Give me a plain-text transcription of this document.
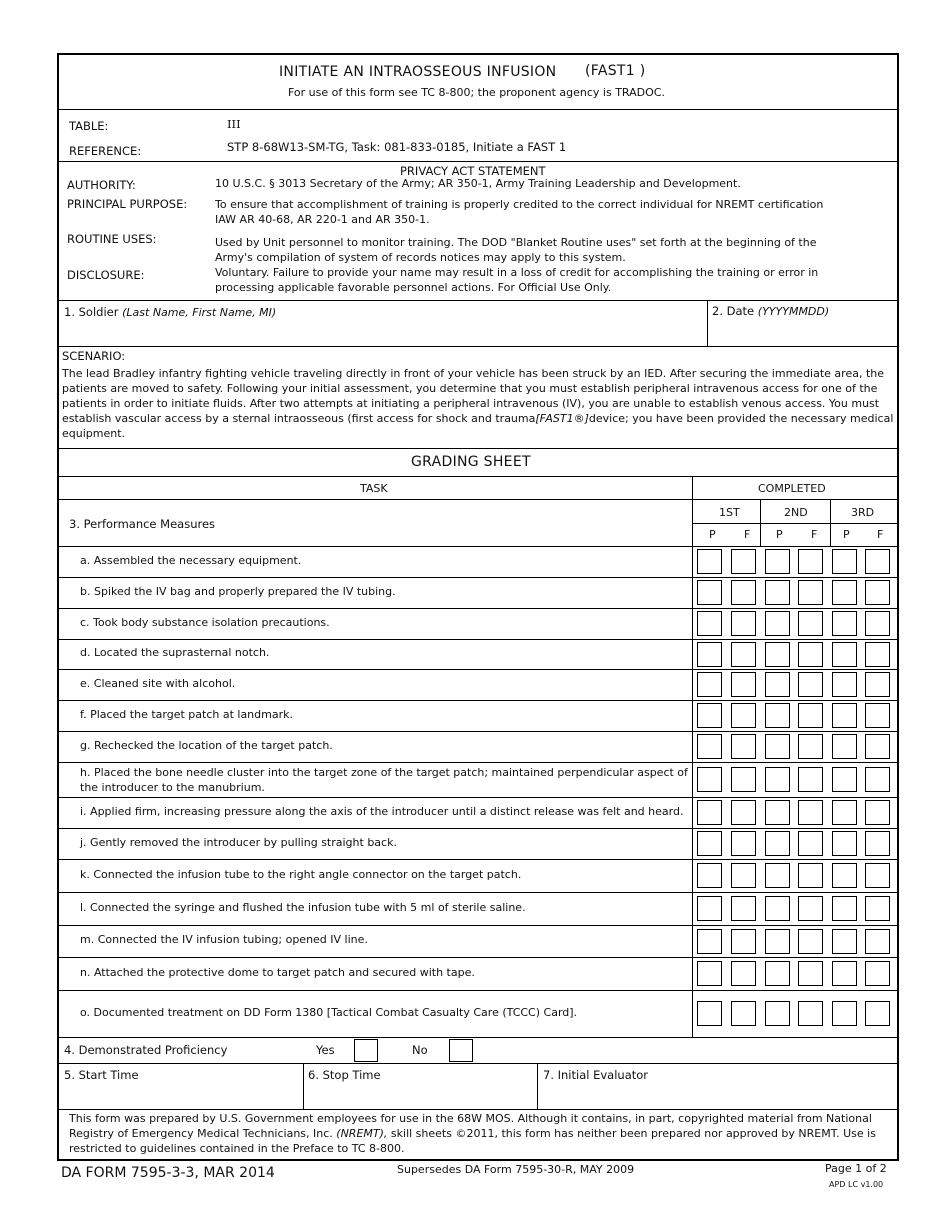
INITIATE AN INTRAOSSEOUS INFUSION (FAST1 )
For use of this form see TC 8-800; the proponent agency is TRADOC.
TABLE:	III
REFERENCE:	STP 8-68W13-SM-TG, Task: 081-833-0185, Initiate a FAST 1
PRIVACY ACT STATEMENT
AUTHORITY:	10 U.S.C. § 3013 Secretary of the Army; AR 350-1, Army Training Leadership and Development.
PRINCIPAL PURPOSE:	To ensure that accomplishment of training is properly credited to the correct individual for NREMT certification
IAW AR 40-68, AR 220-1 and AR 350-1.
ROUTINE USES:	Used by Unit personnel to monitor training. The DOD "Blanket Routine uses" set forth at the beginning of the
Army's compilation of system of records notices may apply to this system.
DISCLOSURE:	Voluntary. Failure to provide your name may result in a loss of credit for accomplishing the training or error in
processing applicable favorable personnel actions. For Official Use Only.
1. Soldier (Last Name, First Name, MI)	2. Date (YYYYMMDD)
SCENARIO:
The lead Bradley infantry fighting vehicle traveling directly in front of your vehicle has been struck by an IED. After securing the immediate area, the
patients are moved to safety. Following your initial assessment, you determine that you must establish peripheral intravenous access for one of the
patients in order to initiate fluids. After two attempts at initiating a peripheral intravenous (IV), you are unable to establish venous access. You must
establish vascular access by a sternal intraosseous (first access for shock and trauma[FAST1®]device; you have been provided the necessary medical
equipment.
GRADING SHEET
TASK	COMPLETED
1ST	2ND	3RD
P	F P	F P F
3. Performance Measures
a. Assembled the necessary equipment.
b. Spiked the IV bag and properly prepared the IV tubing.
c. Took body substance isolation precautions.
d. Located the suprasternal notch.
e. Cleaned site with alcohol.
f. Placed the target patch at landmark.
g. Rechecked the location of the target patch.
h. Placed the bone needle cluster into the target zone of the target patch; maintained perpendicular aspect of
the introducer to the manubrium.
i. Applied firm, increasing pressure along the axis of the introducer until a distinct release was felt and heard.
j. Gently removed the introducer by pulling straight back.
k. Connected the infusion tube to the right angle connector on the target patch.
l. Connected the syringe and flushed the infusion tube with 5 ml of sterile saline.
m. Connected the IV infusion tubing; opened IV line.
n. Attached the protective dome to target patch and secured with tape.
o. Documented treatment on DD Form 1380 [Tactical Combat Casualty Care (TCCC) Card].
4. Demonstrated Proficiency	Yes	No
5. Start Time	6. Stop Time	7. Initial Evaluator
This form was prepared by U.S. Government employees for use in the 68W MOS. Although it contains, in part, copyrighted material from National
Registry of Emergency Medical Technicians, Inc. (NREMT), skill sheets ©2011, this form has neither been prepared nor approved by NREMT. Use is
restricted to guidelines contained in the Preface to TC 8-800.
DA FORM 7595-3-3, MAR 2014	Supersedes DA Form 7595-30-R, MAY 2009	Page 1 of 2
APD LC v1.00
